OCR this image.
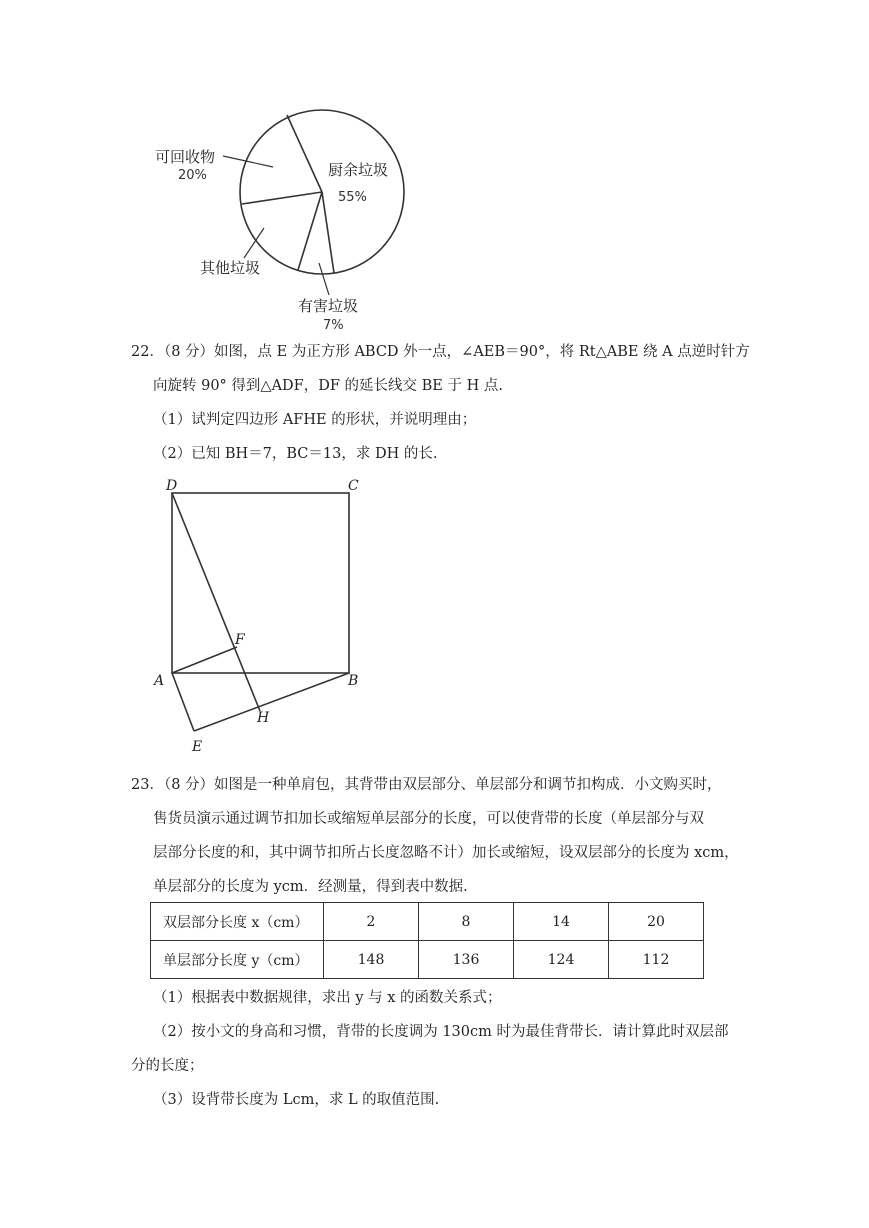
厨余垃圾
55%
可回收物
20%
其他垃圾
有害垃圾
7%
22．（8 分）如图，点 E 为正方形 ABCD 外一点，∠AEB＝90°，将 Rt△ABE 绕 A 点逆时针方
向旋转 90° 得到△ADF，DF 的延长线交 BE 于 H 点.
（1）试判定四边形 AFHE 的形状，并说明理由；
（2）已知 BH＝7，BC＝13，求 DH 的长.
D	C
A	B
F
H
E
23．（8 分）如图是一种单肩包，其背带由双层部分、单层部分和调节扣构成．小文购买时，
售货员演示通过调节扣加长或缩短单层部分的长度，可以使背带的长度（单层部分与双
层部分长度的和，其中调节扣所占长度忽略不计）加长或缩短，设双层部分的长度为 xcm，
单层部分的长度为 ycm．经测量，得到表中数据.
双层部分长度 x（cm）	2	8	14	20
单层部分长度 y（cm）	148	136	124	112
（1）根据表中数据规律，求出 y 与 x 的函数关系式；
（2）按小文的身高和习惯，背带的长度调为 130cm 时为最佳背带长．请计算此时双层部
分的长度；
（3）设背带长度为 Lcm，求 L 的取值范围.
